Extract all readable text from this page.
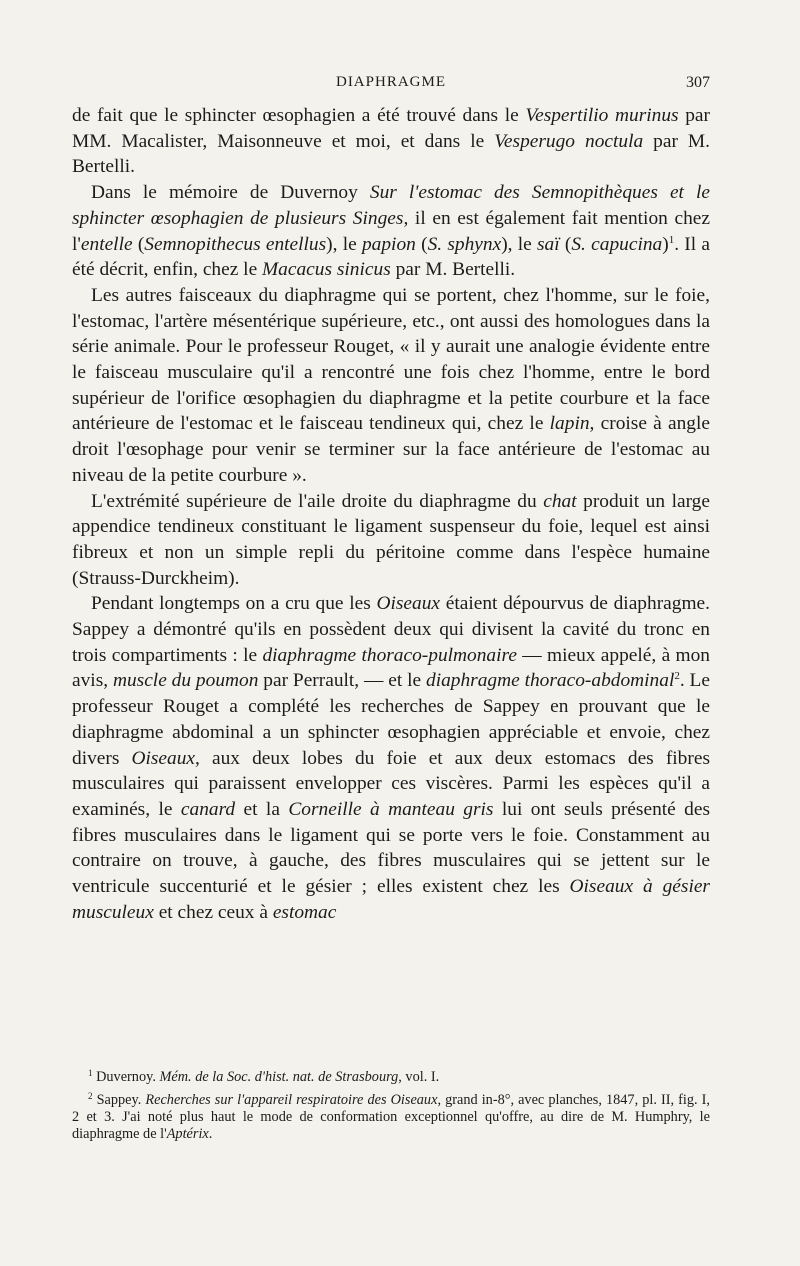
DIAPHRAGME	307

de fait que le sphincter œsophagien a été trouvé dans le Vespertilio murinus par MM. Macalister, Maisonneuve et moi, et dans le Vesperugo noctula par M. Bertelli.

Dans le mémoire de Duvernoy Sur l'estomac des Semnopithèques et le sphincter œsophagien de plusieurs Singes, il en est également fait mention chez l'entelle (Semnopithecus entellus), le papion (S. sphynx), le saï (S. capucina)$^1$. Il a été décrit, enfin, chez le Macacus sinicus par M. Bertelli.

Les autres faisceaux du diaphragme qui se portent, chez l'homme, sur le foie, l'estomac, l'artère mésentérique supérieure, etc., ont aussi des homologues dans la série animale. Pour le professeur Rouget, « il y aurait une analogie évidente entre le faisceau musculaire qu'il a rencontré une fois chez l'homme, entre le bord supérieur de l'orifice œsophagien du diaphragme et la petite courbure et la face antérieure de l'estomac et le faisceau tendineux qui, chez le lapin, croise à angle droit l'œsophage pour venir se terminer sur la face antérieure de l'estomac au niveau de la petite courbure ».

L'extrémité supérieure de l'aile droite du diaphragme du chat produit un large appendice tendineux constituant le ligament suspenseur du foie, lequel est ainsi fibreux et non un simple repli du péritoine comme dans l'espèce humaine (Strauss-Durckheim).

Pendant longtemps on a cru que les Oiseaux étaient dépourvus de diaphragme. Sappey a démontré qu'ils en possèdent deux qui divisent la cavité du tronc en trois compartiments : le diaphragme thoraco-pulmonaire — mieux appelé, à mon avis, muscle du poumon par Perrault, — et le diaphragme thoraco-abdominal$^2$. Le professeur Rouget a complété les recherches de Sappey en prouvant que le diaphragme abdominal a un sphincter œsophagien appréciable et envoie, chez divers Oiseaux, aux deux lobes du foie et aux deux estomacs des fibres musculaires qui paraissent envelopper ces viscères. Parmi les espèces qu'il a examinés, le canard et la Corneille à manteau gris lui ont seuls présenté des fibres musculaires dans le ligament qui se porte vers le foie. Constamment au contraire on trouve, à gauche, des fibres musculaires qui se jettent sur le ventricule succenturié et le gésier ; elles existent chez les Oiseaux à gésier musculeux et chez ceux à estomac

$^1$ Duvernoy. Mém. de la Soc. d'hist. nat. de Strasbourg, vol. I.

$^2$ Sappey. Recherches sur l'appareil respiratoire des Oiseaux, grand in-8°, avec planches, 1847, pl. II, fig. I, 2 et 3. J'ai noté plus haut le mode de conformation exceptionnel qu'offre, au dire de M. Humphry, le diaphragme de l'Aptérix.
